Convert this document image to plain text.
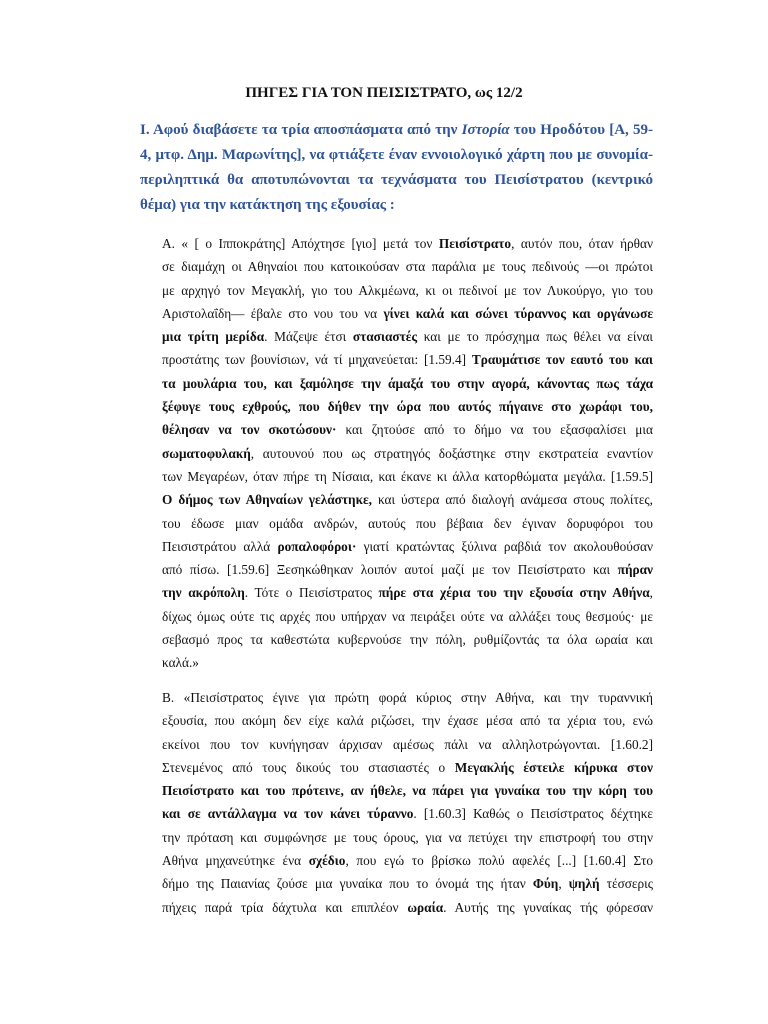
ΠΗΓΕΣ ΓΙΑ ΤΟΝ ΠΕΙΣΙΣΤΡΑΤΟ, ως 12/2
Ι. Αφού διαβάσετε τα τρία αποσπάσματα από την Ιστορία του Ηροδότου [Α, 59-4, μτφ. Δημ. Μαρωνίτης], να φτιάξετε έναν εννοιολογικό χάρτη που με συνομία-περιληπτικά θα αποτυπώνονται τα τεχνάσματα του Πεισίστρατου (κεντρικό θέμα) για την κατάκτηση της εξουσίας :
Α. « [ ο Ιπποκράτης] Απόχτησε [γιο] μετά τον Πεισίστρατο, αυτόν που, όταν ήρθαν
σε διαμάχη οι Αθηναίοι που κατοικούσαν στα παράλια με τους πεδινούς —οι πρώτοι
με αρχηγό τον Μεγακλή, γιο του Αλκμέωνα, κι οι πεδινοί με τον Λυκούργο, γιο του
Αριστολαΐδη— έβαλε στο νου του να γίνει καλά και σώνει τύραννος και οργάνωσε
μια τρίτη μερίδα. Μάζεψε έτσι στασιαστές και με το πρόσχημα πως θέλει να είναι
προστάτης των βουνίσιων, νά τί μηχανεύεται: [1.59.4] Τραυμάτισε τον εαυτό του και
τα μουλάρια του, και ξαμόλησε την άμαξά του στην αγορά, κάνοντας πως τάχα
ξέφυγε τους εχθρούς, που δήθεν την ώρα που αυτός πήγαινε στο χωράφι του,
θέλησαν να τον σκοτώσουν· και ζητούσε από το δήμο να του εξασφαλίσει μια
σωματοφυλακή, αυτουνού που ως στρατηγός δοξάστηκε στην εκστρατεία εναντίον
των Μεγαρέων, όταν πήρε τη Νίσαια, και έκανε κι άλλα κατορθώματα μεγάλα. [1.59.5]
Ο δήμος των Αθηναίων γελάστηκε, και ύστερα από διαλογή ανάμεσα στους πολίτες,
του έδωσε μιαν ομάδα ανδρών, αυτούς που βέβαια δεν έγιναν δορυφόροι του
Πεισιστράτου αλλά ροπαλοφόροι· γιατί κρατώντας ξύλινα ραβδιά τον ακολουθούσαν
από πίσω. [1.59.6] Ξεσηκώθηκαν λοιπόν αυτοί μαζί με τον Πεισίστρατο και πήραν
την ακρόπολη. Τότε ο Πεισίστρατος πήρε στα χέρια του την εξουσία στην Αθήνα,
δίχως όμως ούτε τις αρχές που υπήρχαν να πειράξει ούτε να αλλάξει τους θεσμούς· με
σεβασμό προς τα καθεστώτα κυβερνούσε την πόλη, ρυθμίζοντάς τα όλα ωραία και
καλά.»
Β. «Πεισίστρατος έγινε για πρώτη φορά κύριος στην Αθήνα, και την τυραννική
εξουσία, που ακόμη δεν είχε καλά ριζώσει, την έχασε μέσα από τα χέρια του, ενώ
εκείνοι που τον κυνήγησαν άρχισαν αμέσως πάλι να αλληλοτρώγονται. [1.60.2]
Στενεμένος από τους δικούς του στασιαστές ο Μεγακλής έστειλε κήρυκα στον
Πεισίστρατο και του πρότεινε, αν ήθελε, να πάρει για γυναίκα του την κόρη του
και σε αντάλλαγμα να τον κάνει τύραννο. [1.60.3] Καθώς ο Πεισίστρατος δέχτηκε
την πρόταση και συμφώνησε με τους όρους, για να πετύχει την επιστροφή του στην
Αθήνα μηχανεύτηκε ένα σχέδιο, που εγώ το βρίσκω πολύ αφελές [...] [1.60.4] Στο
δήμο της Παιανίας ζούσε μια γυναίκα που το όνομά της ήταν Φύη, ψηλή τέσσερις
πήχεις παρά τρία δάχτυλα και επιπλέον ωραία. Αυτής της γυναίκας τής φόρεσαν
